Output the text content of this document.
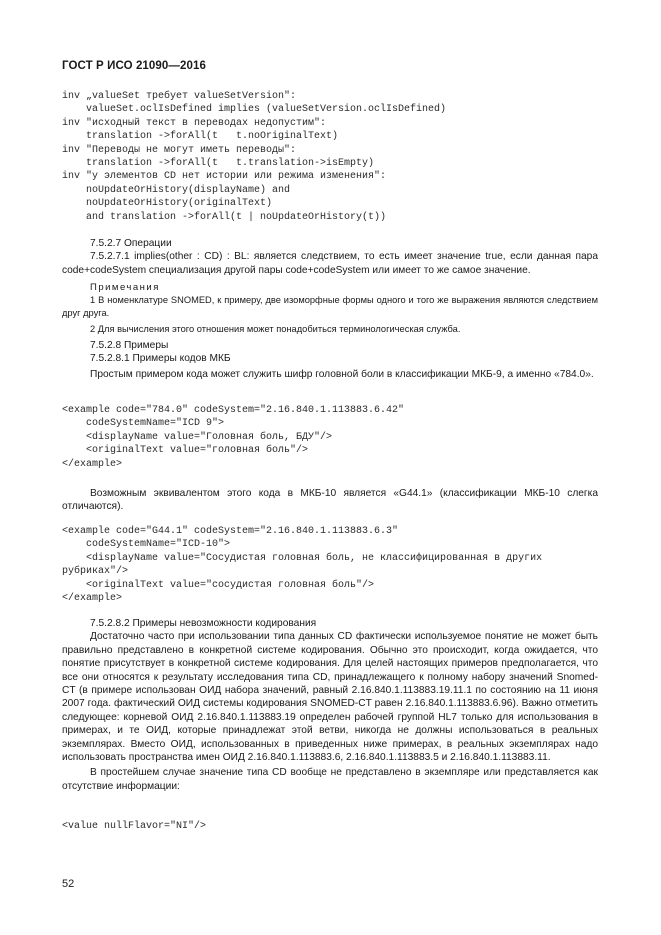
ГОСТ Р ИСО 21090—2016
inv „valueSet требует valueSetVersion":
valueSet.oclIsDefined implies (valueSetVersion.oclIsDefined)
inv "исходный текст в переводах недопустим":
translation ->forAll(t   t.noOriginalText)
inv "Переводы не могут иметь переводы":
translation ->forAll(t   t.translation->isEmpty)
inv "у элементов CD нет истории или режима изменения":
noUpdateOrHistory(displayName) and
noUpdateOrHistory(originalText)
and translation ->forAll(t | noUpdateOrHistory(t))

7.5.2.7 Операции

7.5.2.7.1 implies(other : CD) : BL: является следствием, то есть имеет значение true, если данная пара code+codeSystem специализация другой пары code+codeSystem или имеет то же самое значение.

Примечания

1 В номенклатуре SNOMED, к примеру, две изоморфные формы одного и того же выражения являются следствием друг друга.

2 Для вычисления этого отношения может понадобиться терминологическая служба.

7.5.2.8 Примеры

7.5.2.8.1 Примеры кодов МКБ

Простым примером кода может служить шифр головной боли в классификации МКБ-9, а именно «784.0».

<example code="784.0" codeSystem="2.16.840.1.113883.6.42"
codeSystemName="ICD 9">
<displayName value="Головная боль, БДУ"/>
<originalText value="головная боль"/>
</example>

Возможным эквивалентом этого кода в МКБ-10 является «G44.1» (классификации МКБ-10 слегка отличаются).

<example code="G44.1" codeSystem="2.16.840.1.113883.6.3"
codeSystemName="ICD-10">
<displayName value="Сосудистая головная боль, не классифицированная в других
рубриках"/>
<originalText value="сосудистая головная боль"/>
</example>

7.5.2.8.2 Примеры невозможности кодирования

Достаточно часто при использовании типа данных CD фактически используемое понятие не может быть правильно представлено в конкретной системе кодирования. Обычно это происходит, когда ожидается, что понятие присутствует в конкретной системе кодирования. Для целей настоящих примеров предполагается, что все они относятся к результату исследования типа CD, принадлежащего к полному набору значений Snomed-CT (в примере использован ОИД набора значений, равный 2.16.840.1.113883.19.11.1 по состоянию на 11 июня 2007 года. фактический ОИД системы кодирования SNOMED-CT равен 2.16.840.1.113883.6.96). Важно отметить следующее: корневой ОИД 2.16.840.1.113883.19 определен рабочей группой HL7 только для использования в примерах, и те ОИД, которые принадлежат этой ветви, никогда не должны использоваться в реальных экземплярах. Вместо ОИД, использованных в приведенных ниже примерах, в реальных экземплярах надо использовать пространства имен ОИД 2.16.840.1.113883.6, 2.16.840.1.113883.5 и 2.16.840.1.113883.11.

В простейшем случае значение типа CD вообще не представлено в экземпляре или представляется как отсутствие информации:

<value nullFlavor="NI"/>
52
